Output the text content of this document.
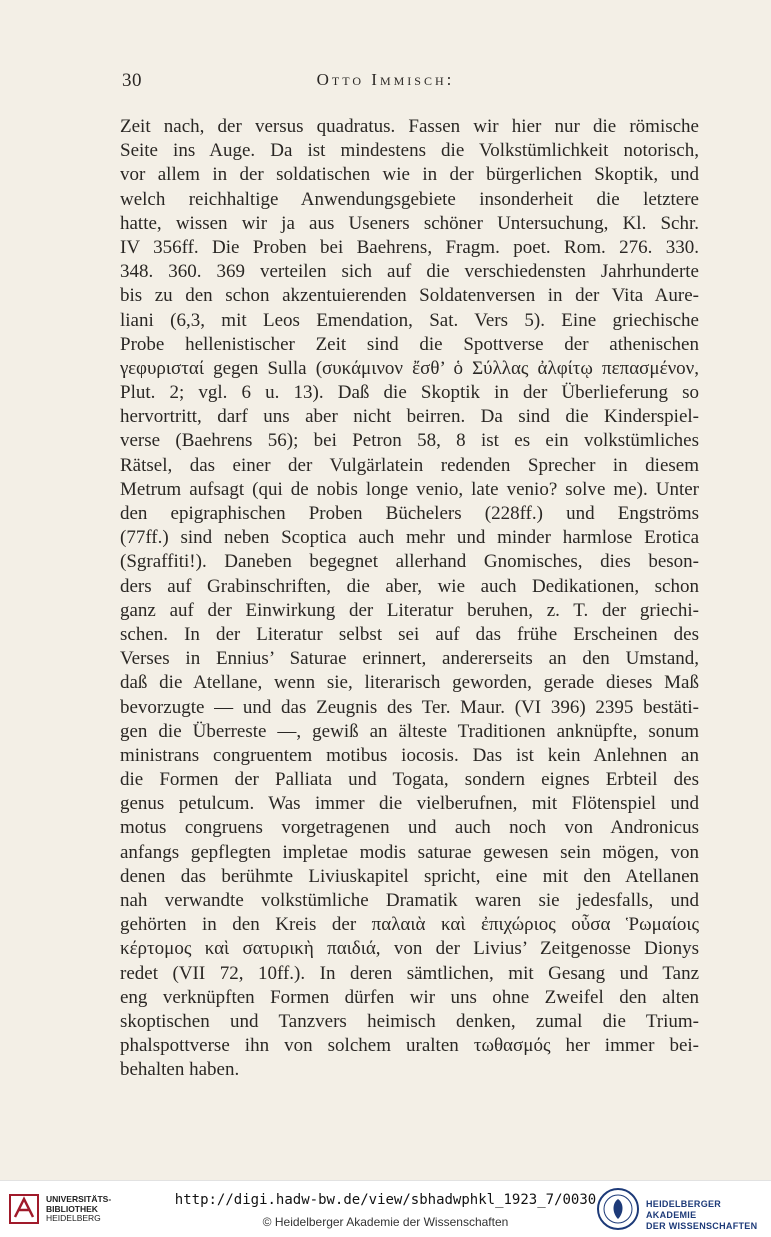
30	Otto Immisch:
Zeit nach, der versus quadratus. Fassen wir hier nur die römische
Seite ins Auge. Da ist mindestens die Volkstümlichkeit notorisch,
vor allem in der soldatischen wie in der bürgerlichen Skoptik, und
welch reichhaltige Anwendungsgebiete insonderheit die letztere
hatte, wissen wir ja aus Useners schöner Untersuchung, Kl. Schr.
IV 356ff. Die Proben bei Baehrens, Fragm. poet. Rom. 276. 330.
348. 360. 369 verteilen sich auf die verschiedensten Jahrhunderte
bis zu den schon akzentuierenden Soldatenversen in der Vita Aure-
liani (6,3, mit Leos Emendation, Sat. Vers 5). Eine griechische
Probe hellenistischer Zeit sind die Spottverse der athenischen
γεφυρισταί gegen Sulla (συκάμινον ἔσθ’ ὁ Σύλλας ἀλφίτῳ πεπασμένον,
Plut. 2; vgl. 6 u. 13). Daß die Skoptik in der Überlieferung so
hervortritt, darf uns aber nicht beirren. Da sind die Kinderspiel-
verse (Baehrens 56); bei Petron 58, 8 ist es ein volkstümliches
Rätsel, das einer der Vulgärlatein redenden Sprecher in diesem
Metrum aufsagt (qui de nobis longe venio, late venio? solve me). Unter
den epigraphischen Proben Büchelers (228ff.) und Engströms
(77ff.) sind neben Scoptica auch mehr und minder harmlose Erotica
(Sgraffiti!). Daneben begegnet allerhand Gnomisches, dies beson-
ders auf Grabinschriften, die aber, wie auch Dedikationen, schon
ganz auf der Einwirkung der Literatur beruhen, z. T. der griechi-
schen. In der Literatur selbst sei auf das frühe Erscheinen des
Verses in Ennius’ Saturae erinnert, andererseits an den Umstand,
daß die Atellane, wenn sie, literarisch geworden, gerade dieses Maß
bevorzugte — und das Zeugnis des Ter. Maur. (VI 396) 2395 bestäti-
gen die Überreste —, gewiß an älteste Traditionen anknüpfte, sonum
ministrans congruentem motibus iocosis. Das ist kein Anlehnen an
die Formen der Palliata und Togata, sondern eignes Erbteil des
genus petulcum. Was immer die vielberufnen, mit Flötenspiel und
motus congruens vorgetragenen und auch noch von Andronicus
anfangs gepflegten impletae modis saturae gewesen sein mögen, von
denen das berühmte Liviuskapitel spricht, eine mit den Atellanen
nah verwandte volkstümliche Dramatik waren sie jedesfalls, und
gehörten in den Kreis der παλαιὰ καὶ ἐπιχώριος οὖσα Ῥωμαίοις
κέρτομος καὶ σατυρικὴ παιδιά, von der Livius’ Zeitgenosse Dionys
redet (VII 72, 10ff.). In deren sämtlichen, mit Gesang und Tanz
eng verknüpften Formen dürfen wir uns ohne Zweifel den alten
skoptischen und Tanzvers heimisch denken, zumal die Trium-
phalspottverse ihn von solchem uralten τωθασμός her immer bei-
behalten haben.
UNIVERSITÄTS-
BIBLIOTHEK
HEIDELBERG
http://digi.hadw-bw.de/view/sbhadwphkl_1923_7/0030
© Heidelberger Akademie der Wissenschaften
HEIDELBERGER AKADEMIE
DER WISSENSCHAFTEN
